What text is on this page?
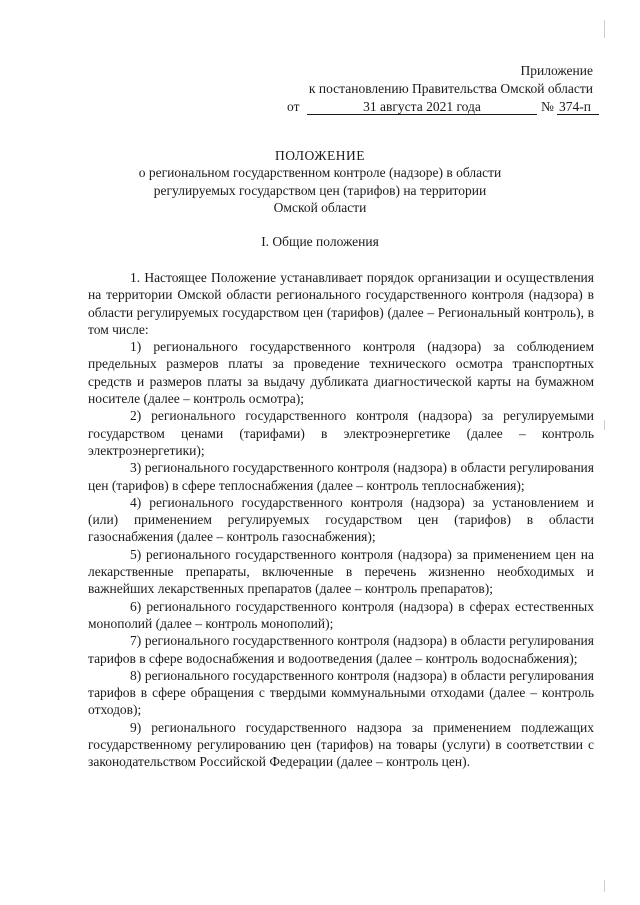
Приложение
к постановлению Правительства Омской области
от	31 августа 2021 года	№ 374-п
ПОЛОЖЕНИЕ
о региональном государственном контроле (надзоре) в области
регулируемых государством цен (тарифов) на территории
Омской области
I. Общие положения

1. Настоящее Положение устанавливает порядок организации и осуществления на территории Омской области регионального государственного контроля (надзора) в области регулируемых государством цен (тарифов) (далее – Региональный контроль), в том числе:

1) регионального государственного контроля (надзора) за соблюдением предельных размеров платы за проведение технического осмотра транспортных средств и размеров платы за выдачу дубликата диагностической карты на бумажном носителе (далее – контроль осмотра);

2) регионального государственного контроля (надзора) за регулируемыми государством ценами (тарифами) в электроэнергетике (далее – контроль электроэнергетики);

3) регионального государственного контроля (надзора) в области регулирования цен (тарифов) в сфере теплоснабжения (далее – контроль теплоснабжения);

4) регионального государственного контроля (надзора) за установлением и (или) применением регулируемых государством цен (тарифов) в области газоснабжения (далее – контроль газоснабжения);

5) регионального государственного контроля (надзора) за применением цен на лекарственные препараты, включенные в перечень жизненно необходимых и важнейших лекарственных препаратов (далее – контроль препаратов);

6) регионального государственного контроля (надзора) в сферах естественных монополий (далее – контроль монополий);

7) регионального государственного контроля (надзора) в области регулирования тарифов в сфере водоснабжения и водоотведения (далее – контроль водоснабжения);

8) регионального государственного контроля (надзора) в области регулирования тарифов в сфере обращения с твердыми коммунальными отходами (далее – контроль отходов);

9) регионального государственного надзора за применением подлежащих государственному регулированию цен (тарифов) на товары (услуги) в соответствии с законодательством Российской Федерации (далее – контроль цен).
